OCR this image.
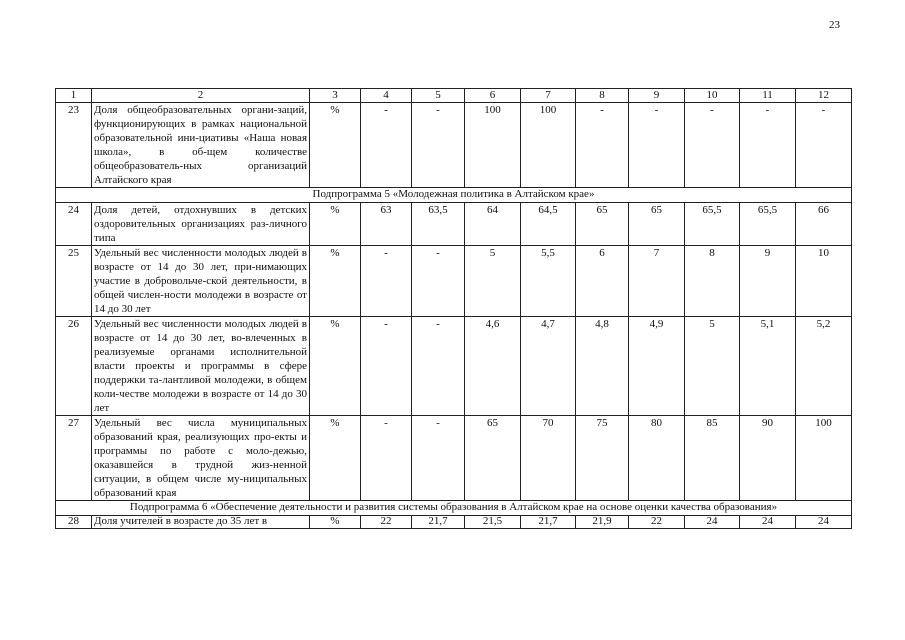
23
1	2	3	4	5	6	7	8	9	10	11	12
23	Доля общеобразовательных органи-заций, функционирующих в рамках национальной образовательной ини-циативы «Наша новая школа», в об-щем количестве общеобразователь-ных организаций Алтайского края	%	-	-	100	100	-	-	-	-	-
Подпрограмма 5 «Молодежная политика в Алтайском крае»											
24	Доля детей, отдохнувших в детских оздоровительных организациях раз-личного типа	%	63	63,5	64	64,5	65	65	65,5	65,5	66
25	Удельный вес численности молодых людей в возрасте от 14 до 30 лет, при-нимающих участие в добровольче-ской деятельности, в общей числен-ности молодежи в возрасте от 14 до 30 лет	%	-	-	5	5,5	6	7	8	9	10
26	Удельный вес численности молодых людей в возрасте от 14 до 30 лет, во-влеченных в реализуемые органами исполнительной власти проекты и программы в сфере поддержки та-лантливой молодежи, в общем коли-честве молодежи в возрасте от 14 до 30 лет	%	-	-	4,6	4,7	4,8	4,9	5	5,1	5,2
27	Удельный вес числа муниципальных образований края, реализующих про-екты и программы по работе с моло-дежью, оказавшейся в трудной жиз-ненной ситуации, в общем числе му-ниципальных образований края	%	-	-	65	70	75	80	85	90	100
Подпрограмма 6 «Обеспечение деятельности и развития системы образования в Алтайском крае на основе оценки качества образования»											
28	Доля учителей в возрасте до 35 лет в	%	22	21,7	21,5	21,7	21,9	22	24	24	24
